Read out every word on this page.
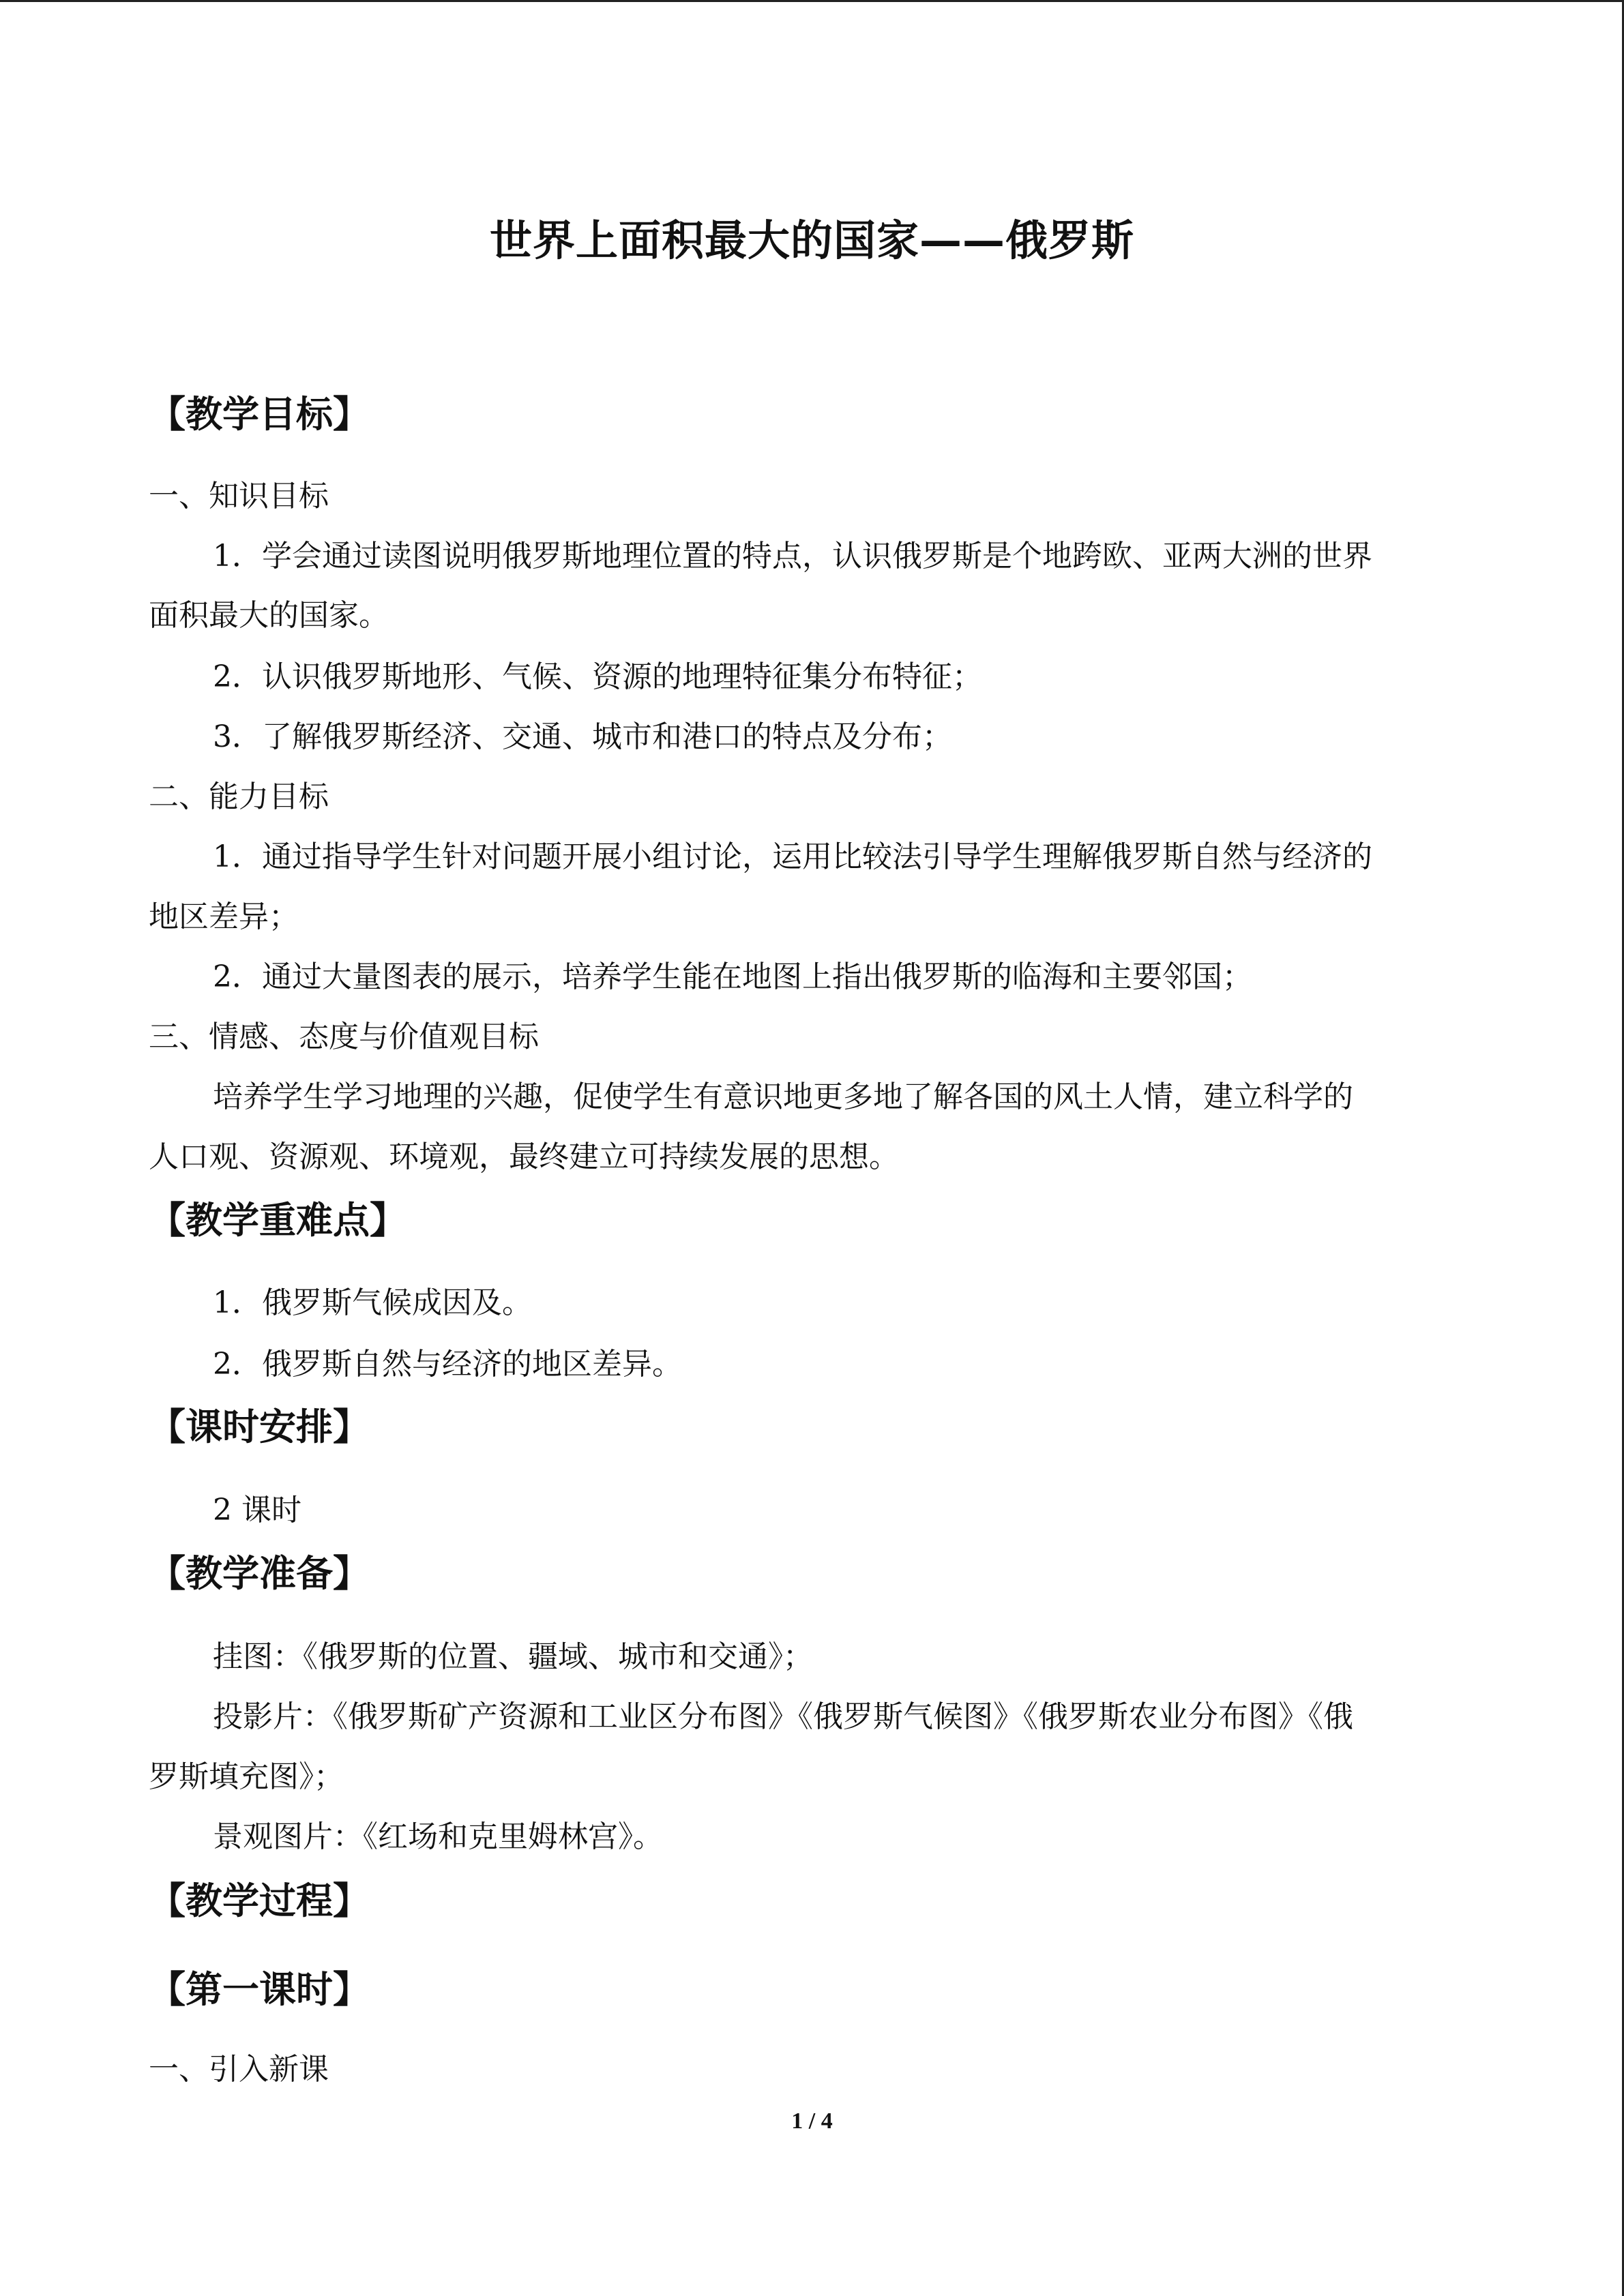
世界上面积最大的国家——俄罗斯
【教学目标】
一、知识目标
1．学会通过读图说明俄罗斯地理位置的特点，认识俄罗斯是个地跨欧、亚两大洲的世界
面积最大的国家。
2．认识俄罗斯地形、气候、资源的地理特征集分布特征；
3．了解俄罗斯经济、交通、城市和港口的特点及分布；
二、能力目标
1．通过指导学生针对问题开展小组讨论，运用比较法引导学生理解俄罗斯自然与经济的
地区差异；
2．通过大量图表的展示，培养学生能在地图上指出俄罗斯的临海和主要邻国；
三、情感、态度与价值观目标
培养学生学习地理的兴趣，促使学生有意识地更多地了解各国的风土人情，建立科学的
人口观、资源观、环境观，最终建立可持续发展的思想。
【教学重难点】
1．俄罗斯气候成因及。
2．俄罗斯自然与经济的地区差异。
【课时安排】
2 课时
【教学准备】
挂图：《俄罗斯的位置、疆域、城市和交通》；
投影片：《俄罗斯矿产资源和工业区分布图》《俄罗斯气候图》《俄罗斯农业分布图》《俄
罗斯填充图》；
景观图片：《红场和克里姆林宫》。
【教学过程】
【第一课时】
一、引入新课
1 / 4
